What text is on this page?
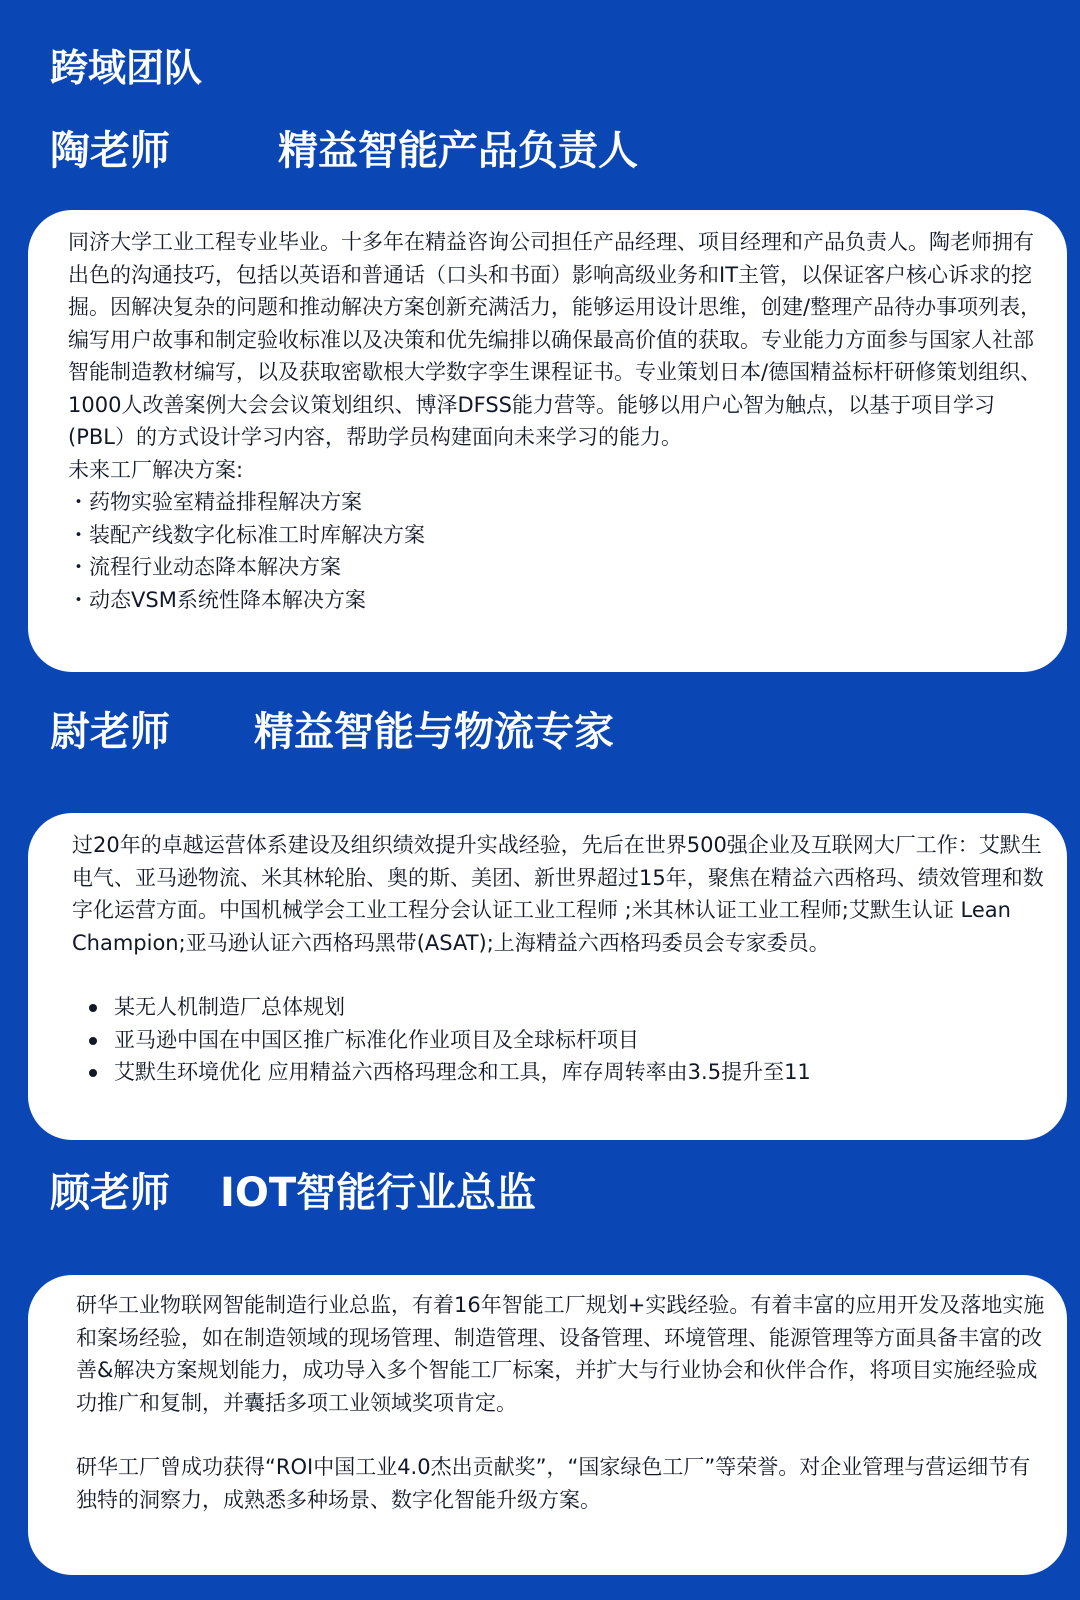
跨域团队
陶老师	精益智能产品负责人

同济大学工业工程专业毕业。十多年在精益咨询公司担任产品经理、项目经理和产品负责人。陶老师拥有出色的沟通技巧，包括以英语和普通话（口头和书面）影响高级业务和IT主管，以保证客户核心诉求的挖掘。因解决复杂的问题和推动解决方案创新充满活力，能够运用设计思维，创建/整理产品待办事项列表，编写用户故事和制定验收标准以及决策和优先编排以确保最高价值的获取。专业能力方面参与国家人社部智能制造教材编写，以及获取密歇根大学数字孪生课程证书。专业策划日本/德国精益标杆研修策划组织、1000人改善案例大会会议策划组织、博泽DFSS能力营等。能够以用户心智为触点，以基于项目学习(PBL）的方式设计学习内容，帮助学员构建面向未来学习的能力。

未来工厂解决方案:

・ 药物实验室精益排程解决方案
・ 装配产线数字化标准工时库解决方案
・ 流程行业动态降本解决方案
・ 动态VSM系统性降本解决方案
尉老师 精益智能与物流专家

过20年的卓越运营体系建设及组织绩效提升实战经验，先后在世界500强企业及互联网大厂工作：艾默生电气、亚马逊物流、米其林轮胎、奥的斯、美团、新世界超过15年，聚焦在精益六西格玛、绩效管理和数字化运营方面。中国机械学会工业工程分会认证工业工程师 ;米其林认证工业工程师;艾默生认证 Lean Champion;亚马逊认证六西格玛黑带(ASAT);上海精益六西格玛委员会专家委员。

某无人机制造厂总体规划
亚马逊中国在中国区推广标准化作业项目及全球标杆项目
艾默生环境优化 应用精益六西格玛理念和工具，库存周转率由3.5提升至11
顾老师 IOT智能行业总监

研华工业物联网智能制造行业总监，有着16年智能工厂规划+实践经验。有着丰富的应用开发及落地实施和案场经验，如在制造领域的现场管理、制造管理、设备管理、环境管理、能源管理等方面具备丰富的改善&解决方案规划能力，成功导入多个智能工厂标案，并扩大与行业协会和伙伴合作，将项目实施经验成功推广和复制，并囊括多项工业领域奖项肯定。

研华工厂曾成功获得“ROI中国工业4.0杰出贡献奖”，“国家绿色工厂”等荣誉。对企业管理与营运细节有独特的洞察力，成熟悉多种场景、数字化智能升级方案。
